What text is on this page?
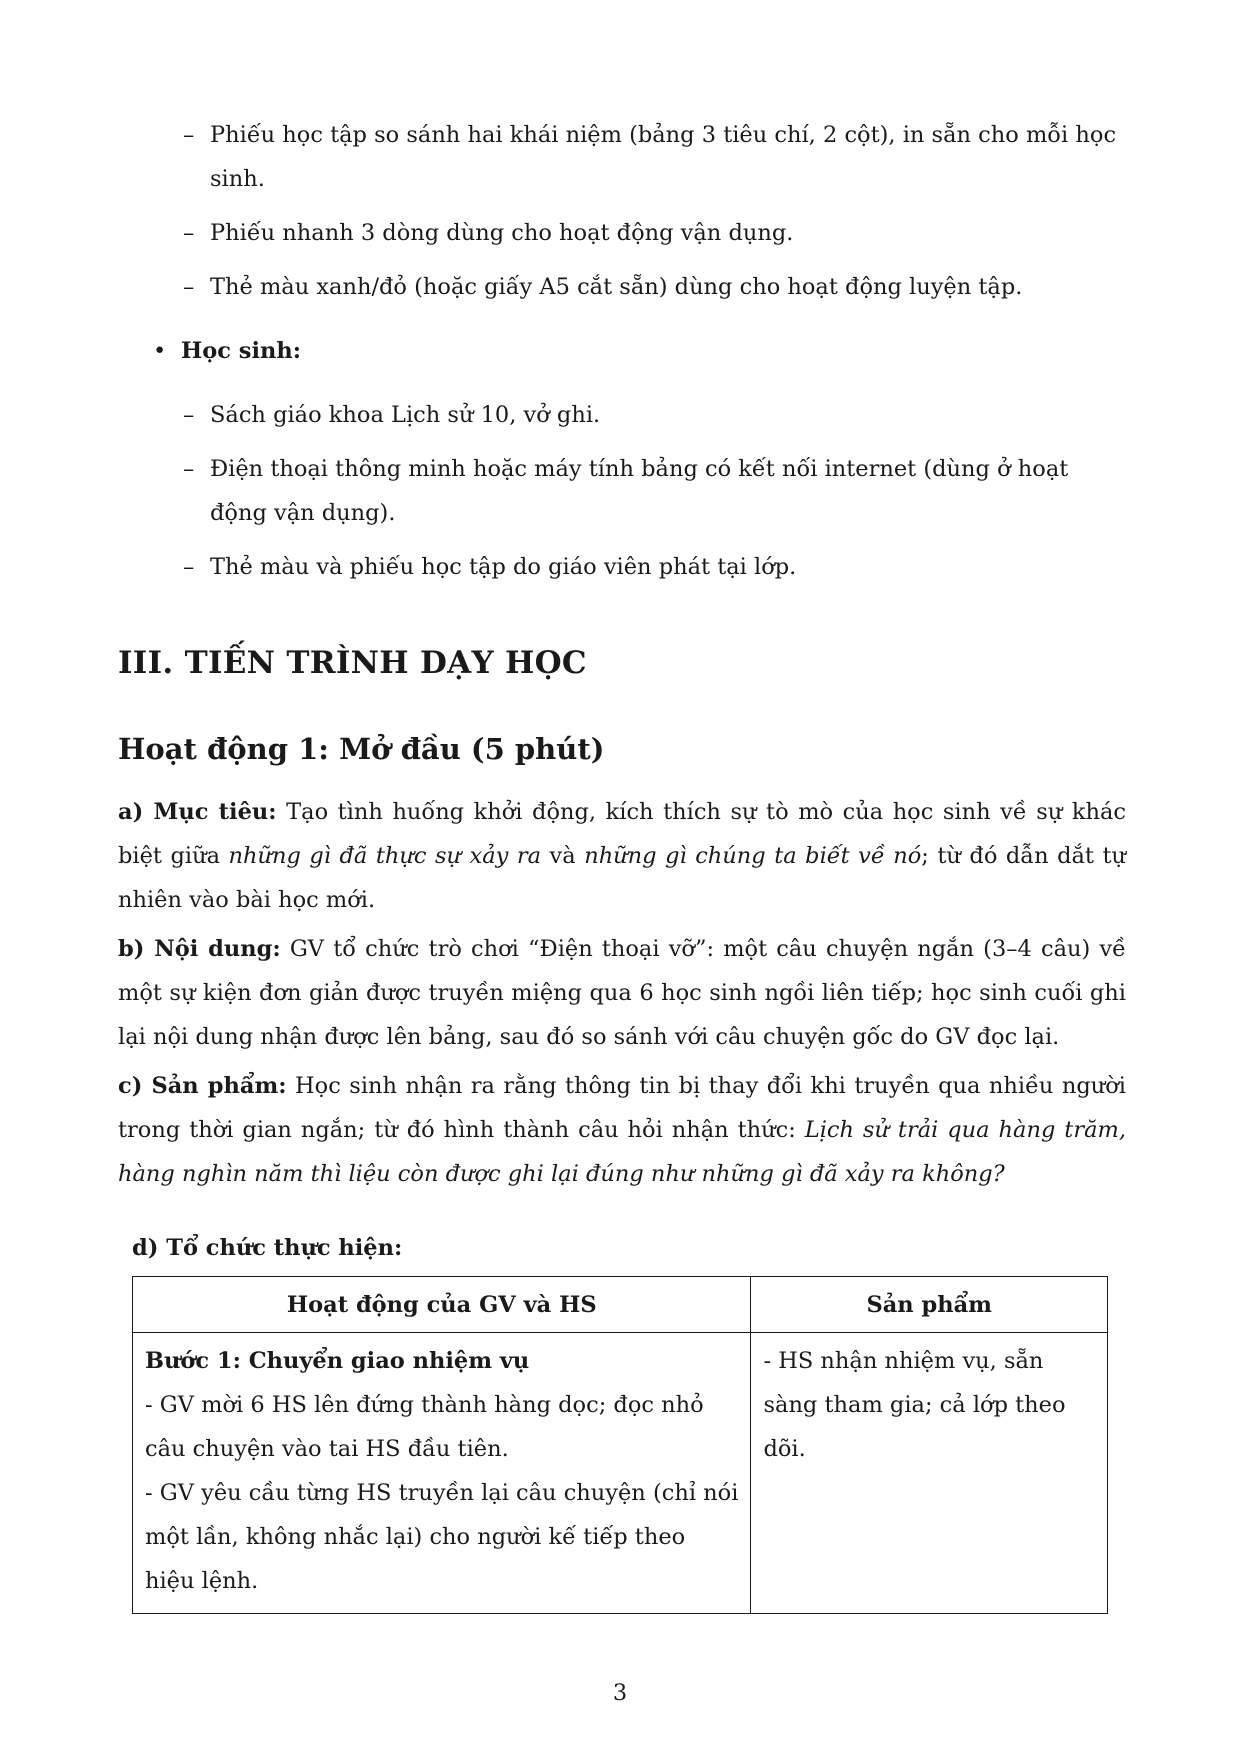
– Phiếu học tập so sánh hai khái niệm (bảng 3 tiêu chí, 2 cột), in sẵn cho mỗi học sinh.
– Phiếu nhanh 3 dòng dùng cho hoạt động vận dụng.
– Thẻ màu xanh/đỏ (hoặc giấy A5 cắt sẵn) dùng cho hoạt động luyện tập.
• Học sinh:
– Sách giáo khoa Lịch sử 10, vở ghi.
– Điện thoại thông minh hoặc máy tính bảng có kết nối internet (dùng ở hoạt động vận dụng).
– Thẻ màu và phiếu học tập do giáo viên phát tại lớp.
III. TIẾN TRÌNH DẠY HỌC
Hoạt động 1: Mở đầu (5 phút)
a) Mục tiêu: Tạo tình huống khởi động, kích thích sự tò mò của học sinh về sự khác biệt giữa những gì đã thực sự xảy ra và những gì chúng ta biết về nó; từ đó dẫn dắt tự nhiên vào bài học mới.
b) Nội dung: GV tổ chức trò chơi “Điện thoại vỡ”: một câu chuyện ngắn (3–4 câu) về một sự kiện đơn giản được truyền miệng qua 6 học sinh ngồi liên tiếp; học sinh cuối ghi lại nội dung nhận được lên bảng, sau đó so sánh với câu chuyện gốc do GV đọc lại.
c) Sản phẩm: Học sinh nhận ra rằng thông tin bị thay đổi khi truyền qua nhiều người trong thời gian ngắn; từ đó hình thành câu hỏi nhận thức: Lịch sử trải qua hàng trăm, hàng nghìn năm thì liệu còn được ghi lại đúng như những gì đã xảy ra không?
d) Tổ chức thực hiện:
Hoạt động của GV và HS	Sản phẩm

Bước 1: Chuyển giao nhiệm vụ
- GV mời 6 HS lên đứng thành hàng dọc; đọc nhỏ câu chuyện vào tai HS đầu tiên.
- GV yêu cầu từng HS truyền lại câu chuyện (chỉ nói một lần, không nhắc lại) cho người kế tiếp theo hiệu lệnh.	- HS nhận nhiệm vụ, sẵn sàng tham gia; cả lớp theo dõi.
3
